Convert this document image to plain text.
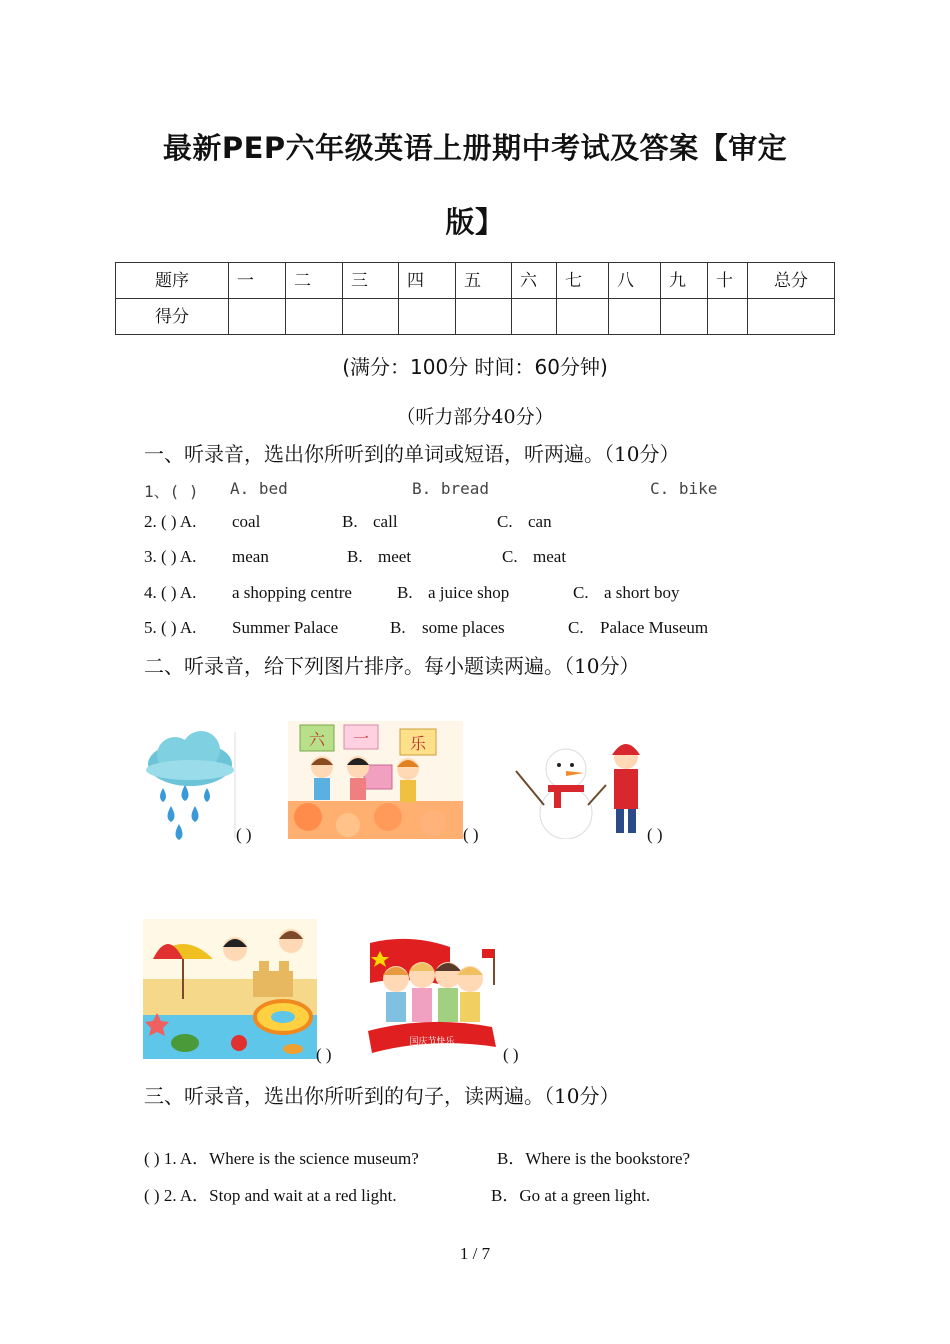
最新PEP六年级英语上册期中考试及答案【审定
版】
题序	一	二	三	四	五	六	七	八	九	十	总分
得分											
(满分：100分 时间：60分钟)
（听力部分40分）
一、听录音，选出你所听到的单词或短语，听两遍。（10分）
1、( ) A. bed	B. bread	C. bike
2. ( ) A. coal	B. call	C. can
3. ( ) A. mean	B. meet	C. meat
4. ( ) A. a shopping centre	B. a juice shop	C. a short boy
5. ( ) A. Summer Palace	B. some places	C. Palace Museum
二、听录音，给下列图片排序。每小题读两遍。（10分）
( )
六 一	乐
( )	( )
( )
国庆节快乐
( )
三、听录音，选出你所听到的句子，读两遍。（10分）
( ) 1. A．Where is the science museum?	B．Where is the bookstore?
( ) 2. A．Stop and wait at a red light.	B．Go at a green light.
1 / 7
